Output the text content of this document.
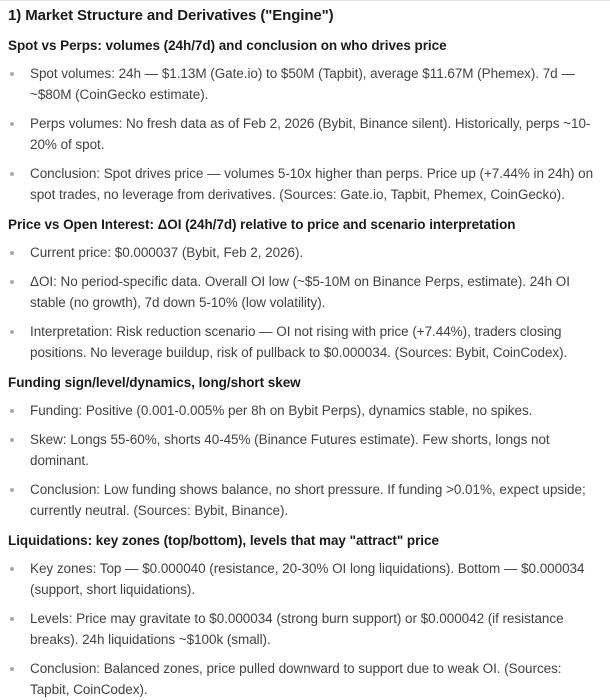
1) Market Structure and Derivatives ("Engine")
Spot vs Perps: volumes (24h/7d) and conclusion on who drives price
Spot volumes: 24h — $1.13M (Gate.io) to $50M (Tapbit), average $11.67M (Phemex). 7d — ~$80M (CoinGecko estimate).
Perps volumes: No fresh data as of Feb 2, 2026 (Bybit, Binance silent). Historically, perps ~10-20% of spot.
Conclusion: Spot drives price — volumes 5-10x higher than perps. Price up (+7.44% in 24h) on spot trades, no leverage from derivatives. (Sources: Gate.io, Tapbit, Phemex, CoinGecko).
Price vs Open Interest: ΔOI (24h/7d) relative to price and scenario interpretation
Current price: $0.000037 (Bybit, Feb 2, 2026).
ΔOI: No period-specific data. Overall OI low (~$5-10M on Binance Perps, estimate). 24h OI stable (no growth), 7d down 5-10% (low volatility).
Interpretation: Risk reduction scenario — OI not rising with price (+7.44%), traders closing positions. No leverage buildup, risk of pullback to $0.000034. (Sources: Bybit, CoinCodex).
Funding sign/level/dynamics, long/short skew
Funding: Positive (0.001-0.005% per 8h on Bybit Perps), dynamics stable, no spikes.
Skew: Longs 55-60%, shorts 40-45% (Binance Futures estimate). Few shorts, longs not dominant.
Conclusion: Low funding shows balance, no short pressure. If funding >0.01%, expect upside; currently neutral. (Sources: Bybit, Binance).
Liquidations: key zones (top/bottom), levels that may "attract" price
Key zones: Top — $0.000040 (resistance, 20-30% OI long liquidations). Bottom — $0.000034 (support, short liquidations).
Levels: Price may gravitate to $0.000034 (strong burn support) or $0.000042 (if resistance breaks). 24h liquidations ~$100k (small).
Conclusion: Balanced zones, price pulled downward to support due to weak OI. (Sources: Tapbit, CoinCodex).
